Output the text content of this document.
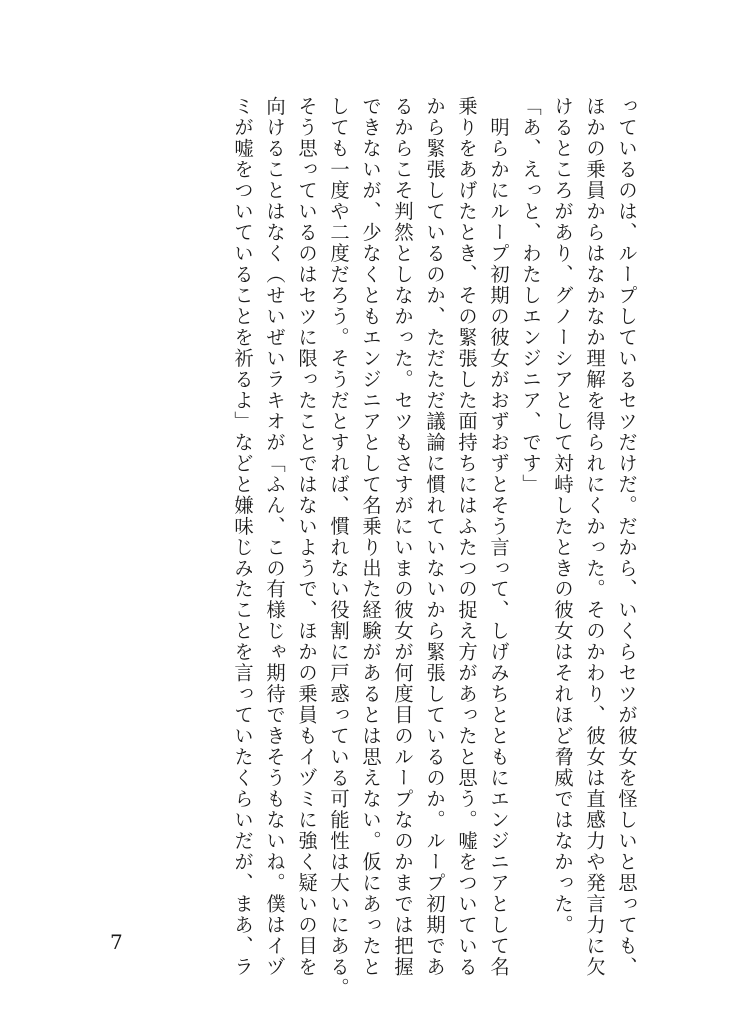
っているのは、ループしているセツだけだ。だから、いくらセツが彼女を怪しいと思っても、
ほかの乗員からはなかなか理解を得られにくかった。そのかわり、彼女は直感力や発言力に欠
けるところがあり、グノーシアとして対峙したときの彼女はそれほど脅威ではなかった。
「あ、えっと、わたしエンジニア、です」
　明らかにループ初期の彼女がおずおずとそう言って、しげみちとともにエンジニアとして名
乗りをあげたとき、その緊張した面持ちにはふたつの捉え方があったと思う。嘘をついている
から緊張しているのか、ただただ議論に慣れていないから緊張しているのか。ループ初期であ
るからこそ判然としなかった。セツもさすがにいまの彼女が何度目のループなのかまでは把握
できないが、少なくともエンジニアとして名乗り出た経験があるとは思えない。仮にあったと
しても一度や二度だろう。そうだとすれば、慣れない役割に戸惑っている可能性は大いにある。
そう思っているのはセツに限ったことではないようで、ほかの乗員もイヅミに強く疑いの目を
向けることはなく（せいぜいラキオが「ふん、この有様じゃ期待できそうもないね。僕はイヅ
ミが嘘をついていることを祈るよ」などと嫌味じみたことを言っていたくらいだが、まあ、ラ
7
